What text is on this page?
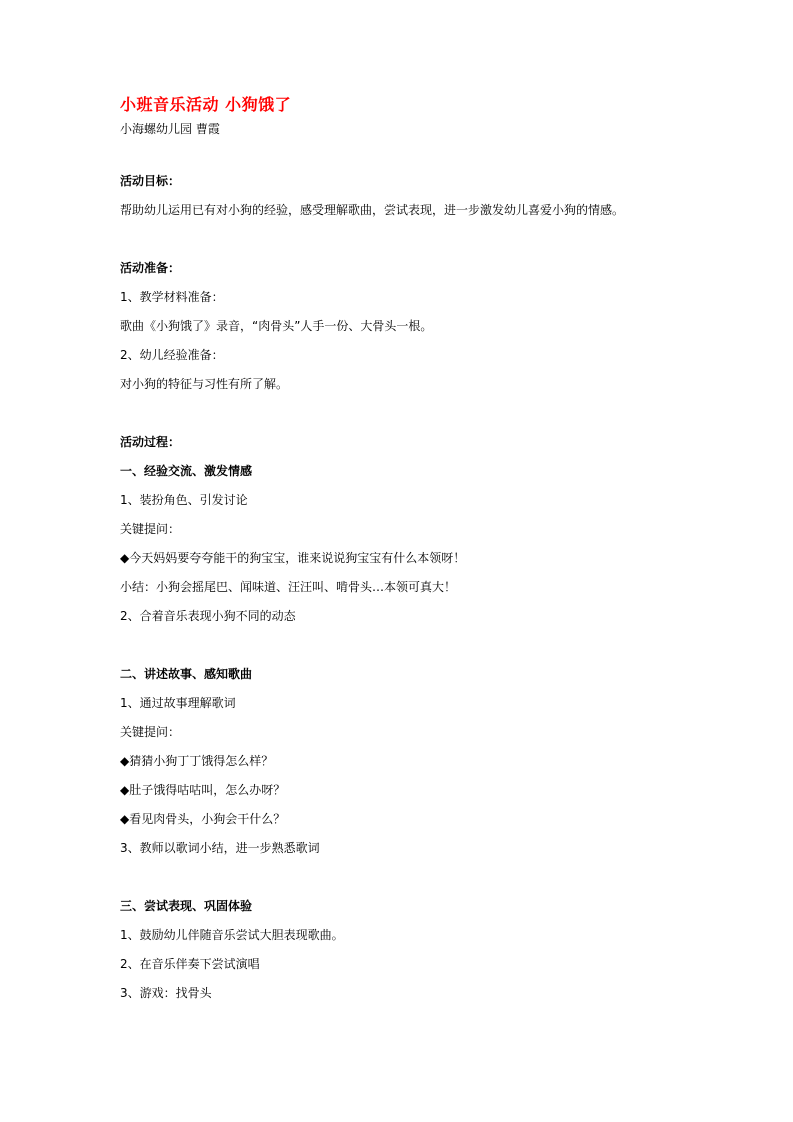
小班音乐活动 小狗饿了

小海螺幼儿园 曹霞

活动目标：

帮助幼儿运用已有对小狗的经验，感受理解歌曲，尝试表现，进一步激发幼儿喜爱小狗的情感。

活动准备：

1、教学材料准备：

歌曲《小狗饿了》录音，“肉骨头”人手一份、大骨头一根。

2、幼儿经验准备：

对小狗的特征与习性有所了解。

活动过程：

一、经验交流、激发情感

1、装扮角色、引发讨论

关键提问：

◆今天妈妈要夸夸能干的狗宝宝，谁来说说狗宝宝有什么本领呀！

小结：小狗会摇尾巴、闻味道、汪汪叫、啃骨头…本领可真大！

2、合着音乐表现小狗不同的动态

二、讲述故事、感知歌曲

1、通过故事理解歌词

关键提问：

◆猜猜小狗丁丁饿得怎么样？

◆肚子饿得咕咕叫，怎么办呀？

◆看见肉骨头，小狗会干什么？

3、教师以歌词小结，进一步熟悉歌词

三、尝试表现、巩固体验

1、鼓励幼儿伴随音乐尝试大胆表现歌曲。

2、在音乐伴奏下尝试演唱

3、游戏：找骨头
